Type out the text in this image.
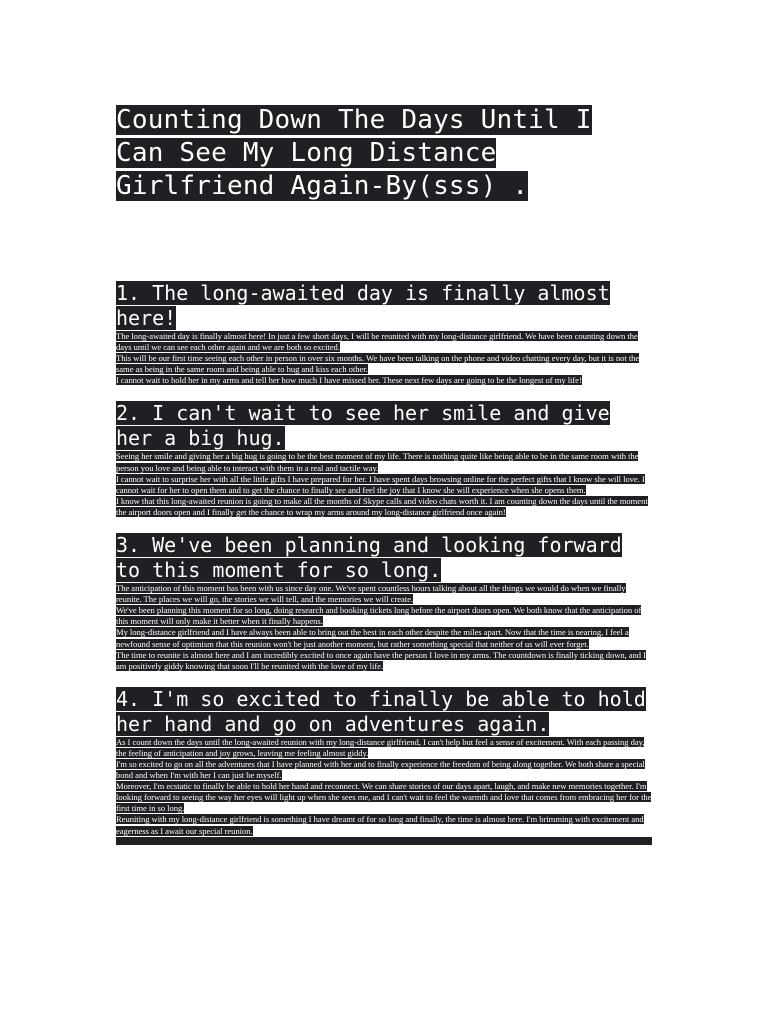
Counting Down The Days Until I Can See My Long Distance Girlfriend Again-By(sss) .
1. The long-awaited day is finally almost here!

The long-awaited day is finally almost here! In just a few short days, I will be reunited with my long-distance girlfriend. We have been counting down the days until we can see each other again and we are both so excited.

This will be our first time seeing each other in person in over six months. We have been talking on the phone and video chatting every day, but it is not the same as being in the same room and being able to hug and kiss each other.

I cannot wait to hold her in my arms and tell her how much I have missed her. These next few days are going to be the longest of my life!

2. I can't wait to see her smile and give her a big hug.

Seeing her smile and giving her a big hug is going to be the best moment of my life. There is nothing quite like being able to be in the same room with the person you love and being able to interact with them in a real and tactile way.

I cannot wait to surprise her with all the little gifts I have prepared for her. I have spent days browsing online for the perfect gifts that I know she will love. I cannot wait for her to open them and to get the chance to finally see and feel the joy that I know she will experience when she opens them.

I know that this long-awaited reunion is going to make all the months of Skype calls and video chats worth it. I am counting down the days until the moment the airport doors open and I finally get the chance to wrap my arms around my long-distance girlfriend once again!

3. We've been planning and looking forward to this moment for so long.

The anticipation of this moment has been with us since day one. We've spent countless hours talking about all the things we would do when we finally reunite. The places we will go, the stories we will tell, and the memories we will create.

We've been planning this moment for so long, doing research and booking tickets long before the airport doors open. We both know that the anticipation of this moment will only make it better when it finally happens.

My long-distance girlfriend and I have always been able to bring out the best in each other despite the miles apart. Now that the time is nearing, I feel a newfound sense of optimism that this reunion won't be just another moment, but rather something special that neither of us will ever forget.

The time to reunite is almost here and I am incredibly excited to once again have the person I love in my arms. The countdown is finally ticking down, and I am positively giddy knowing that soon I'll be reunited with the love of my life.

4. I'm so excited to finally be able to hold her hand and go on adventures again.

As I count down the days until the long-awaited reunion with my long-distance girlfriend, I can't help but feel a sense of excitement. With each passing day, the feeling of anticipation and joy grows, leaving me feeling almost giddy.

I'm so excited to go on all the adventures that I have planned with her and to finally experience the freedom of being along together. We both share a special bond and when I'm with her I can just be myself.

Moreover, I'm ecstatic to finally be able to hold her hand and reconnect. We can share stories of our days apart, laugh, and make new memories together. I'm looking forward to seeing the way her eyes will light up when she sees me, and I can't wait to feel the warmth and love that comes from embracing her for the first time in so long.

Reuniting with my long-distance girlfriend is something I have dreamt of for so long and finally, the time is almost here. I'm brimming with excitement and eagerness as I await our special reunion.
